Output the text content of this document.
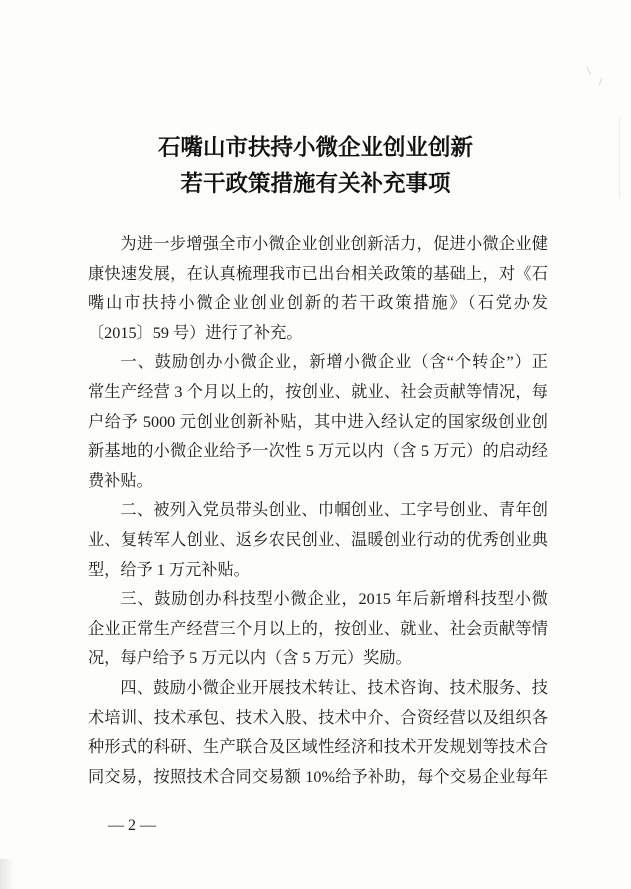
石嘴山市扶持小微企业创业创新
若干政策措施有关补充事项
为进一步增强全市小微企业创业创新活力，促进小微企业健
康快速发展，在认真梳理我市已出台相关政策的基础上，对《石
嘴山市扶持小微企业创业创新的若干政策措施》（石党办发
〔2015〕59 号）进行了补充。
一、鼓励创办小微企业，新增小微企业（含“个转企”）正
常生产经营 3 个月以上的，按创业、就业、社会贡献等情况，每
户给予 5000 元创业创新补贴，其中进入经认定的国家级创业创
新基地的小微企业给予一次性 5 万元以内（含 5 万元）的启动经
费补贴。
二、被列入党员带头创业、巾帼创业、工字号创业、青年创
业、复转军人创业、返乡农民创业、温暖创业行动的优秀创业典
型，给予 1 万元补贴。
三、鼓励创办科技型小微企业，2015 年后新增科技型小微
企业正常生产经营三个月以上的，按创业、就业、社会贡献等情
况，每户给予 5 万元以内（含 5 万元）奖励。
四、鼓励小微企业开展技术转让、技术咨询、技术服务、技
术培训、技术承包、技术入股、技术中介、合资经营以及组织各
种形式的科研、生产联合及区域性经济和技术开发规划等技术合
同交易，按照技术合同交易额 10%给予补助，每个交易企业每年
— 2 —
